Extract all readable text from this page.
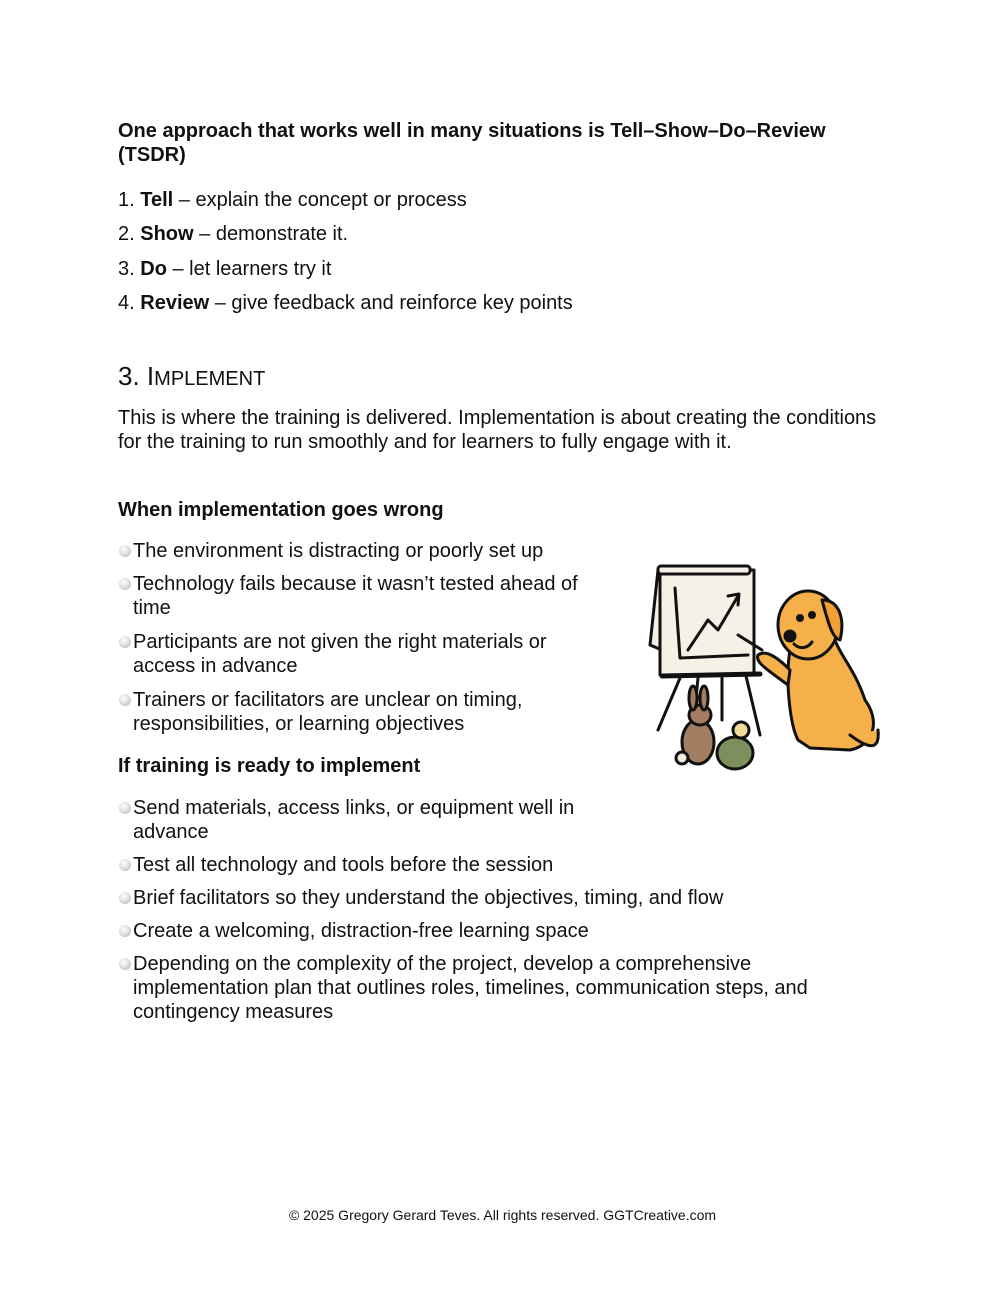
One approach that works well in many situations is Tell–Show–Do–Review (TSDR)
1. Tell – explain the concept or process
2. Show – demonstrate it.
3. Do – let learners try it
4. Review – give feedback and reinforce key points
3. IMPLEMENT
This is where the training is delivered. Implementation is about creating the conditions for the training to run smoothly and for learners to fully engage with it.
When implementation goes wrong
The environment is distracting or poorly set up
Technology fails because it wasn’t tested ahead of time
Participants are not given the right materials or access in advance
Trainers or facilitators are unclear on timing, responsibilities, or learning objectives
If training is ready to implement
Send materials, access links, or equipment well in advance
Test all technology and tools before the session
Brief facilitators so they understand the objectives, timing, and flow
Create a welcoming, distraction-free learning space
Depending on the complexity of the project, develop a comprehensive implementation plan that outlines roles, timelines, communication steps, and contingency measures
© 2025 Gregory Gerard Teves. All rights reserved. GGTCreative.com
